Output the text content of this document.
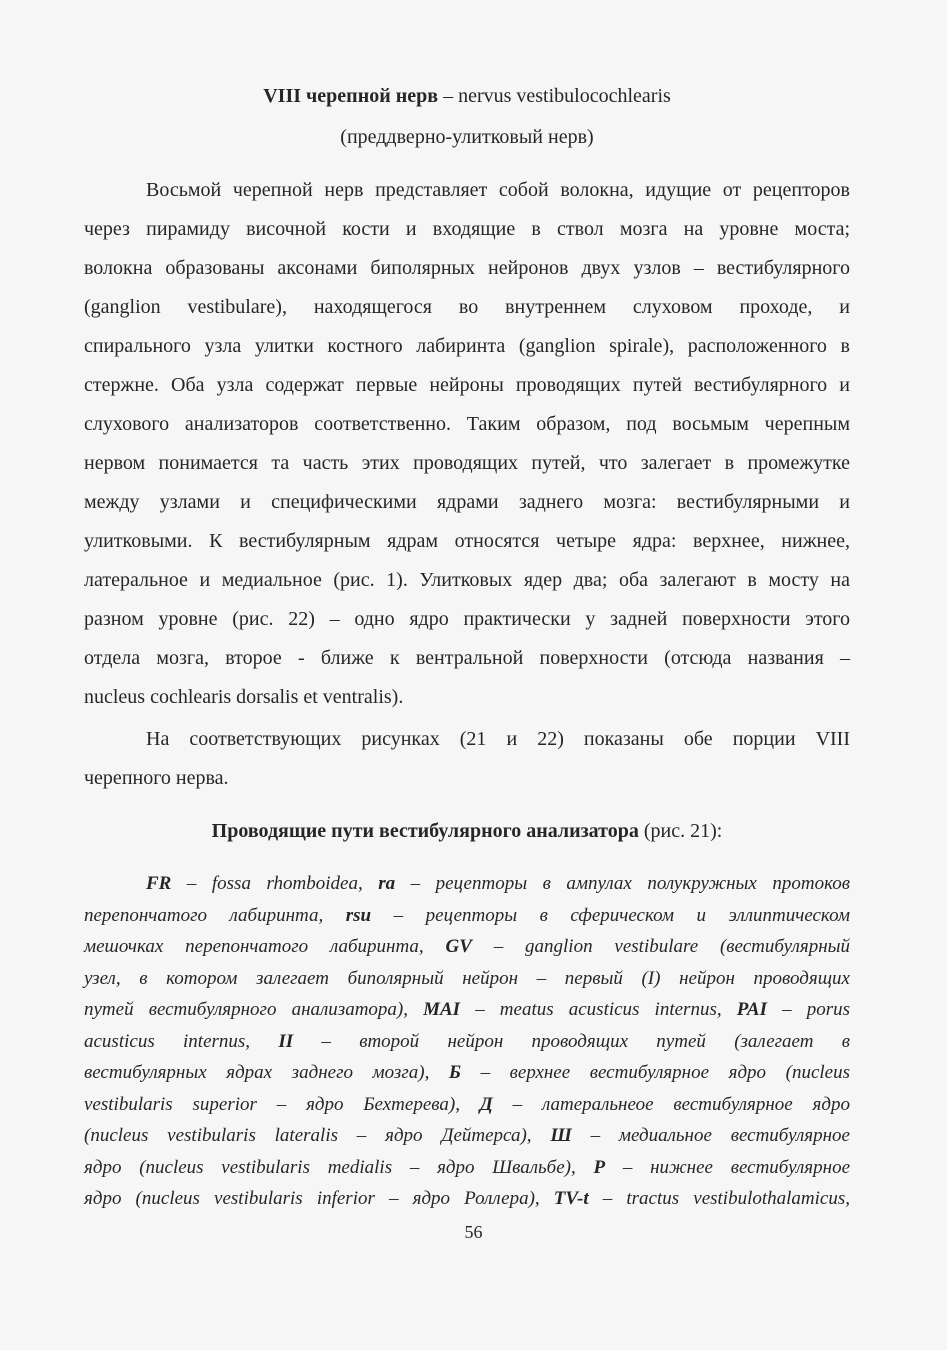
VIII черепной нерв – nervus vestibulocochlearis

(преддверно-улитковый нерв)

Восьмой черепной нерв представляет собой волокна, идущие от рецепторов
через пирамиду височной кости и входящие в ствол мозга на уровне моста;
волокна образованы аксонами биполярных нейронов двух узлов – вестибулярного
(ganglion vestibulare), находящегося во внутреннем слуховом проходе, и
спирального узла улитки костного лабиринта (ganglion spirale), расположенного в
стержне. Оба узла содержат первые нейроны проводящих путей вестибулярного и
слухового анализаторов соответственно. Таким образом, под восьмым черепным
нервом понимается та часть этих проводящих путей, что залегает в промежутке
между узлами и специфическими ядрами заднего мозга: вестибулярными и
улитковыми. К вестибулярным ядрам относятся четыре ядра: верхнее, нижнее,
латеральное и медиальное (рис. 1). Улитковых ядер два; оба залегают в мосту на
разном уровне (рис. 22) – одно ядро практически у задней поверхности этого
отдела мозга, второе - ближе к вентральной поверхности (отсюда названия –
nucleus cochlearis dorsalis et ventralis).
На соответствующих рисунках (21 и 22) показаны обе порции VIII
черепного нерва.

Проводящие пути вестибулярного анализатора (рис. 21):

FR – fossa rhomboidea, ra – рецепторы в ампулах полукружных протоков
перепончатого лабиринта, rsu – рецепторы в сферическом и эллиптическом
мешочках перепончатого лабиринта, GV – ganglion vestibulare (вестибулярный
узел, в котором залегает биполярный нейрон – первый (I) нейрон проводящих
путей вестибулярного анализатора), MAI – meatus acusticus internus, PAI – porus
acusticus internus, II – второй нейрон проводящих путей (залегает в
вестибулярных ядрах заднего мозга), Б – верхнее вестибулярное ядро (nucleus
vestibularis superior – ядро Бехтерева), Д – латеральнеое вестибулярное ядро
(nucleus vestibularis lateralis – ядро Дейтерса), Ш – медиальное вестибулярное
ядро (nucleus vestibularis medialis – ядро Швальбе), Р – нижнее вестибулярное
ядро (nucleus vestibularis inferior – ядро Роллера), TV-t – tractus vestibulothalamicus,
56
